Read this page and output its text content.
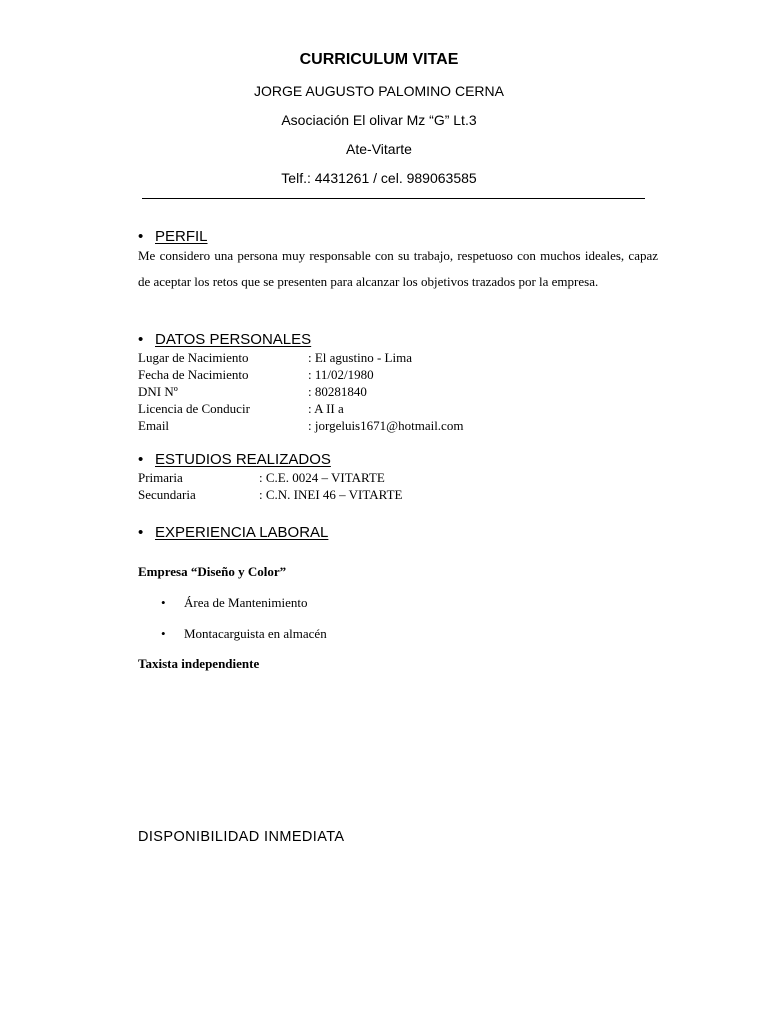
CURRICULUM VITAE
JORGE AUGUSTO PALOMINO CERNA
Asociación El olivar Mz “G” Lt.3
Ate-Vitarte
Telf.: 4431261 / cel. 989063585
• PERFIL
Me considero una persona muy responsable con su trabajo, respetuoso con muchos ideales, capaz de aceptar los retos que se presenten para alcanzar los objetivos trazados por la empresa.
• DATOS PERSONALES
Lugar de Nacimiento	: El agustino - Lima
Fecha de Nacimiento	: 11/02/1980
DNI Nº	: 80281840
Licencia de Conducir	: A II a
Email	: jorgeluis1671@hotmail.com
• ESTUDIOS REALIZADOS
Primaria	: C.E. 0024 – VITARTE
Secundaria	: C.N. INEI 46 – VITARTE
• EXPERIENCIA LABORAL
Empresa “Diseño y Color”
• Área de Mantenimiento
• Montacarguista en almacén
Taxista independiente
DISPONIBILIDAD INMEDIATA
